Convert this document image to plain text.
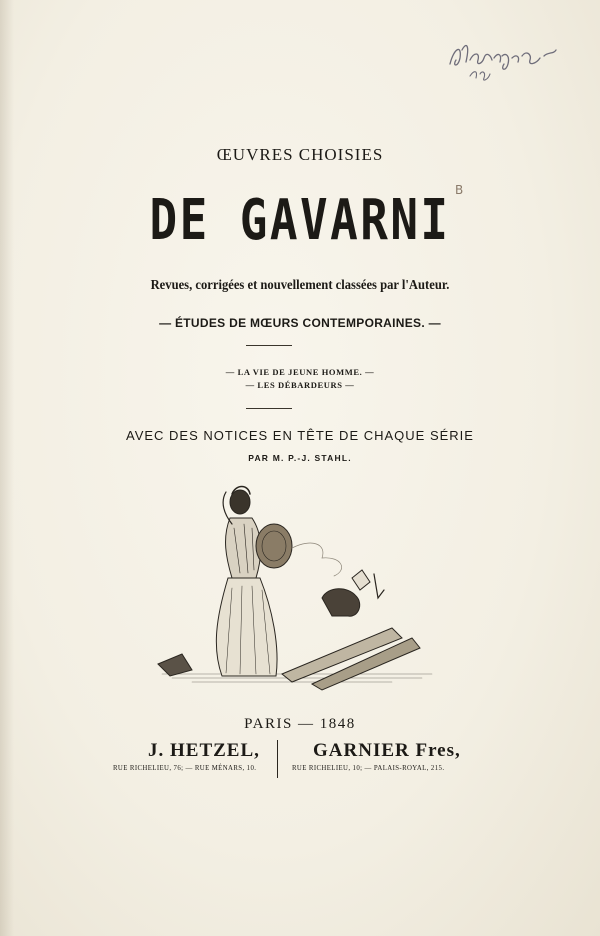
B
ŒUVRES CHOISIES
DE GAVARNI
Revues, corrigées et nouvellement classées par l'Auteur.
— ÉTUDES DE MŒURS CONTEMPORAINES. —
— LA VIE DE JEUNE HOMME. —
— LES DÉBARDEURS —
AVEC DES NOTICES EN TÊTE DE CHAQUE SÉRIE
PAR M. P.-J. STAHL.
PARIS — 1848
J. HETZEL,
RUE RICHELIEU, 76; — RUE MÉNARS, 10.
GARNIER Fres,
RUE RICHELIEU, 10; — PALAIS-ROYAL, 215.
